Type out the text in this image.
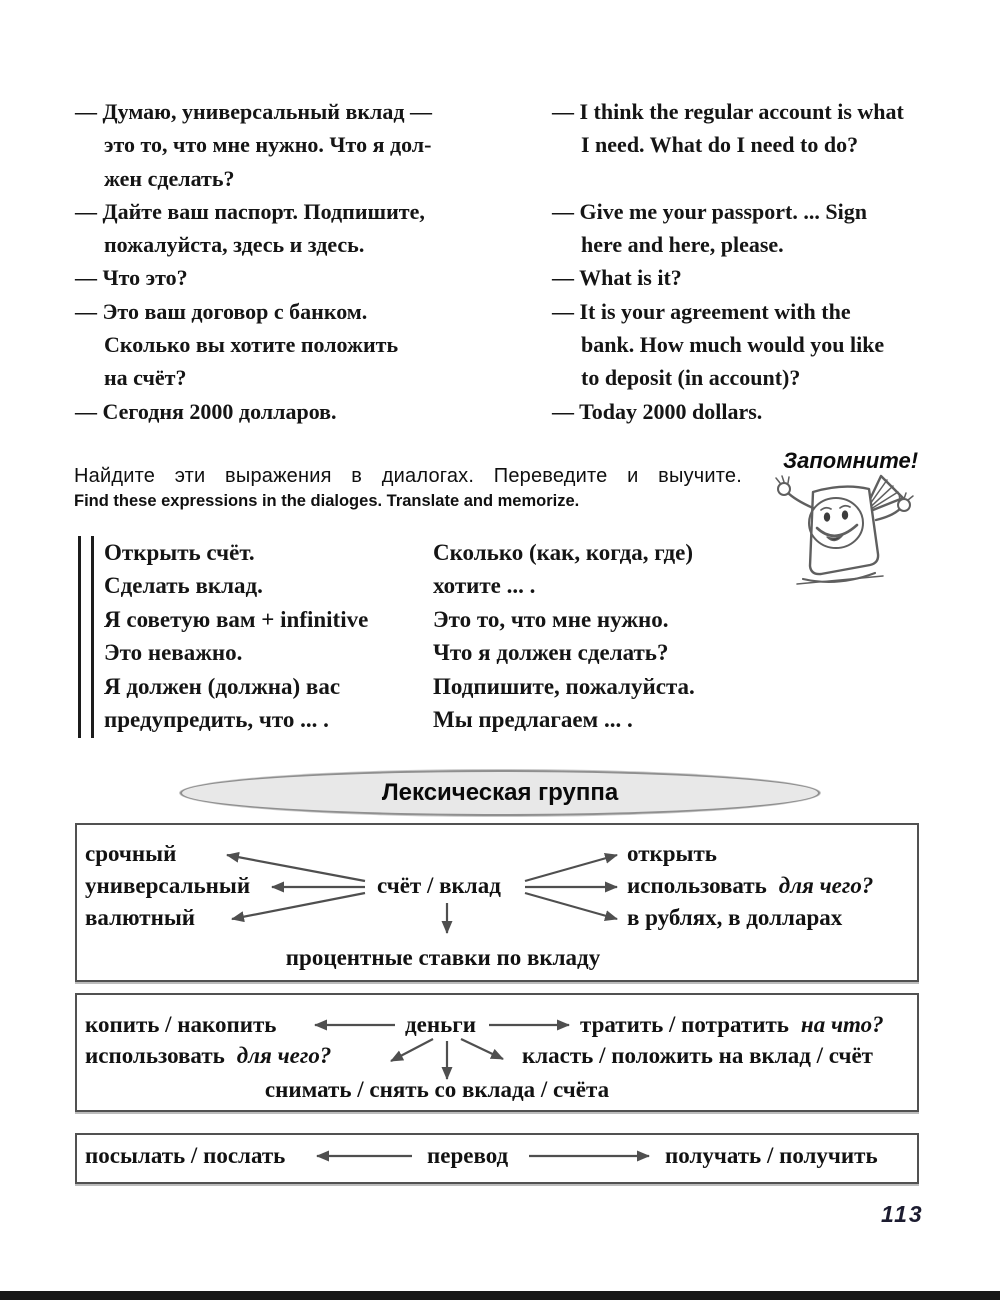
— Думаю, универсальный вклад —
это то, что мне нужно. Что я дол-
жен сделать?
— Дайте ваш паспорт. Подпишите,
пожалуйста, здесь и здесь.
— Что это?
— Это ваш договор с банком.
Сколько вы хотите положить
на счёт?
— Сегодня 2000 долларов.
— I think the regular account is what
I need. What do I need to do?
— Give me your passport. ... Sign
here and here, please.
— What is it?
— It is your agreement with the
bank. How much would you like
to deposit (in account)?
— Today 2000 dollars.
Найдите эти выражения в диалогах. Переведите и выучите.
Find these expressions in the dialoges. Translate and memorize.
Запомните!
Открыть счёт.
Сделать вклад.
Я советую вам + infinitive
Это неважно.
Я должен (должна) вас
предупредить, что ... .
Сколько (как, когда, где)
хотите ... .
Это то, что мне нужно.
Что я должен сделать?
Подпишите, пожалуйста.
Мы предлагаем ... .
Лексическая группа
срочный
универсальный
валютный
счёт / вклад
открыть
использовать для чего?
в рублях, в долларах
процентные ставки по вкладу
копить / накопить	деньги	тратить / потратить на что?
использовать для чего?	класть / положить на вклад / счёт
снимать / снять со вклада / счёта
посылать / послать	перевод	получать / получить
113
